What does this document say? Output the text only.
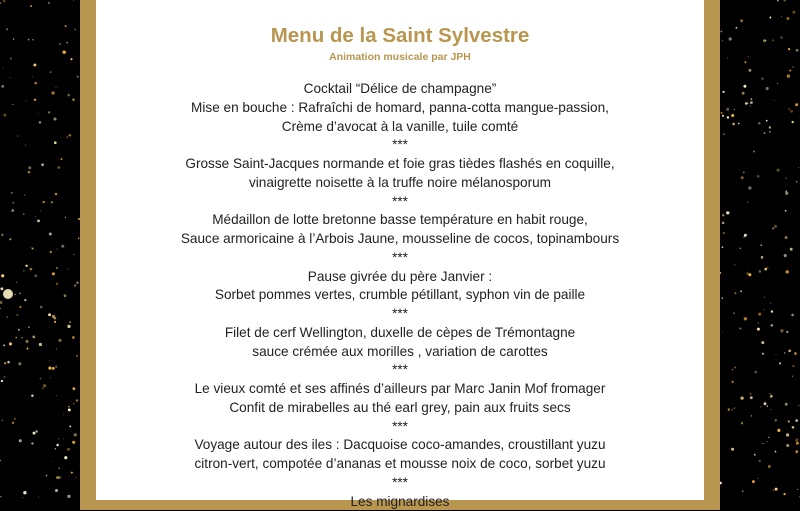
Menu de la Saint Sylvestre
Animation musicale par JPH
Cocktail “Délice de champagne”
Mise en bouche : Rafraîchi de homard, panna-cotta mangue-passion,
Crème d’avocat à la vanille, tuile comté
***
Grosse Saint-Jacques normande et foie gras tièdes flashés en coquille,
vinaigrette noisette à la truffe noire mélanosporum
***
Médaillon de lotte bretonne basse température en habit rouge,
Sauce armoricaine à l’Arbois Jaune, mousseline de cocos, topinambours
***
Pause givrée du père Janvier :
Sorbet pommes vertes, crumble pétillant, syphon vin de paille
***
Filet de cerf Wellington, duxelle de cèpes de Trémontagne
sauce crémée aux morilles , variation de carottes
***
Le vieux comté et ses affinés d’ailleurs par Marc Janin Mof fromager
Confit de mirabelles au thé earl grey, pain aux fruits secs
***
Voyage autour des iles : Dacquoise coco-amandes, croustillant yuzu
citron-vert, compotée d’ananas et mousse noix de coco, sorbet yuzu
***
Les mignardises
